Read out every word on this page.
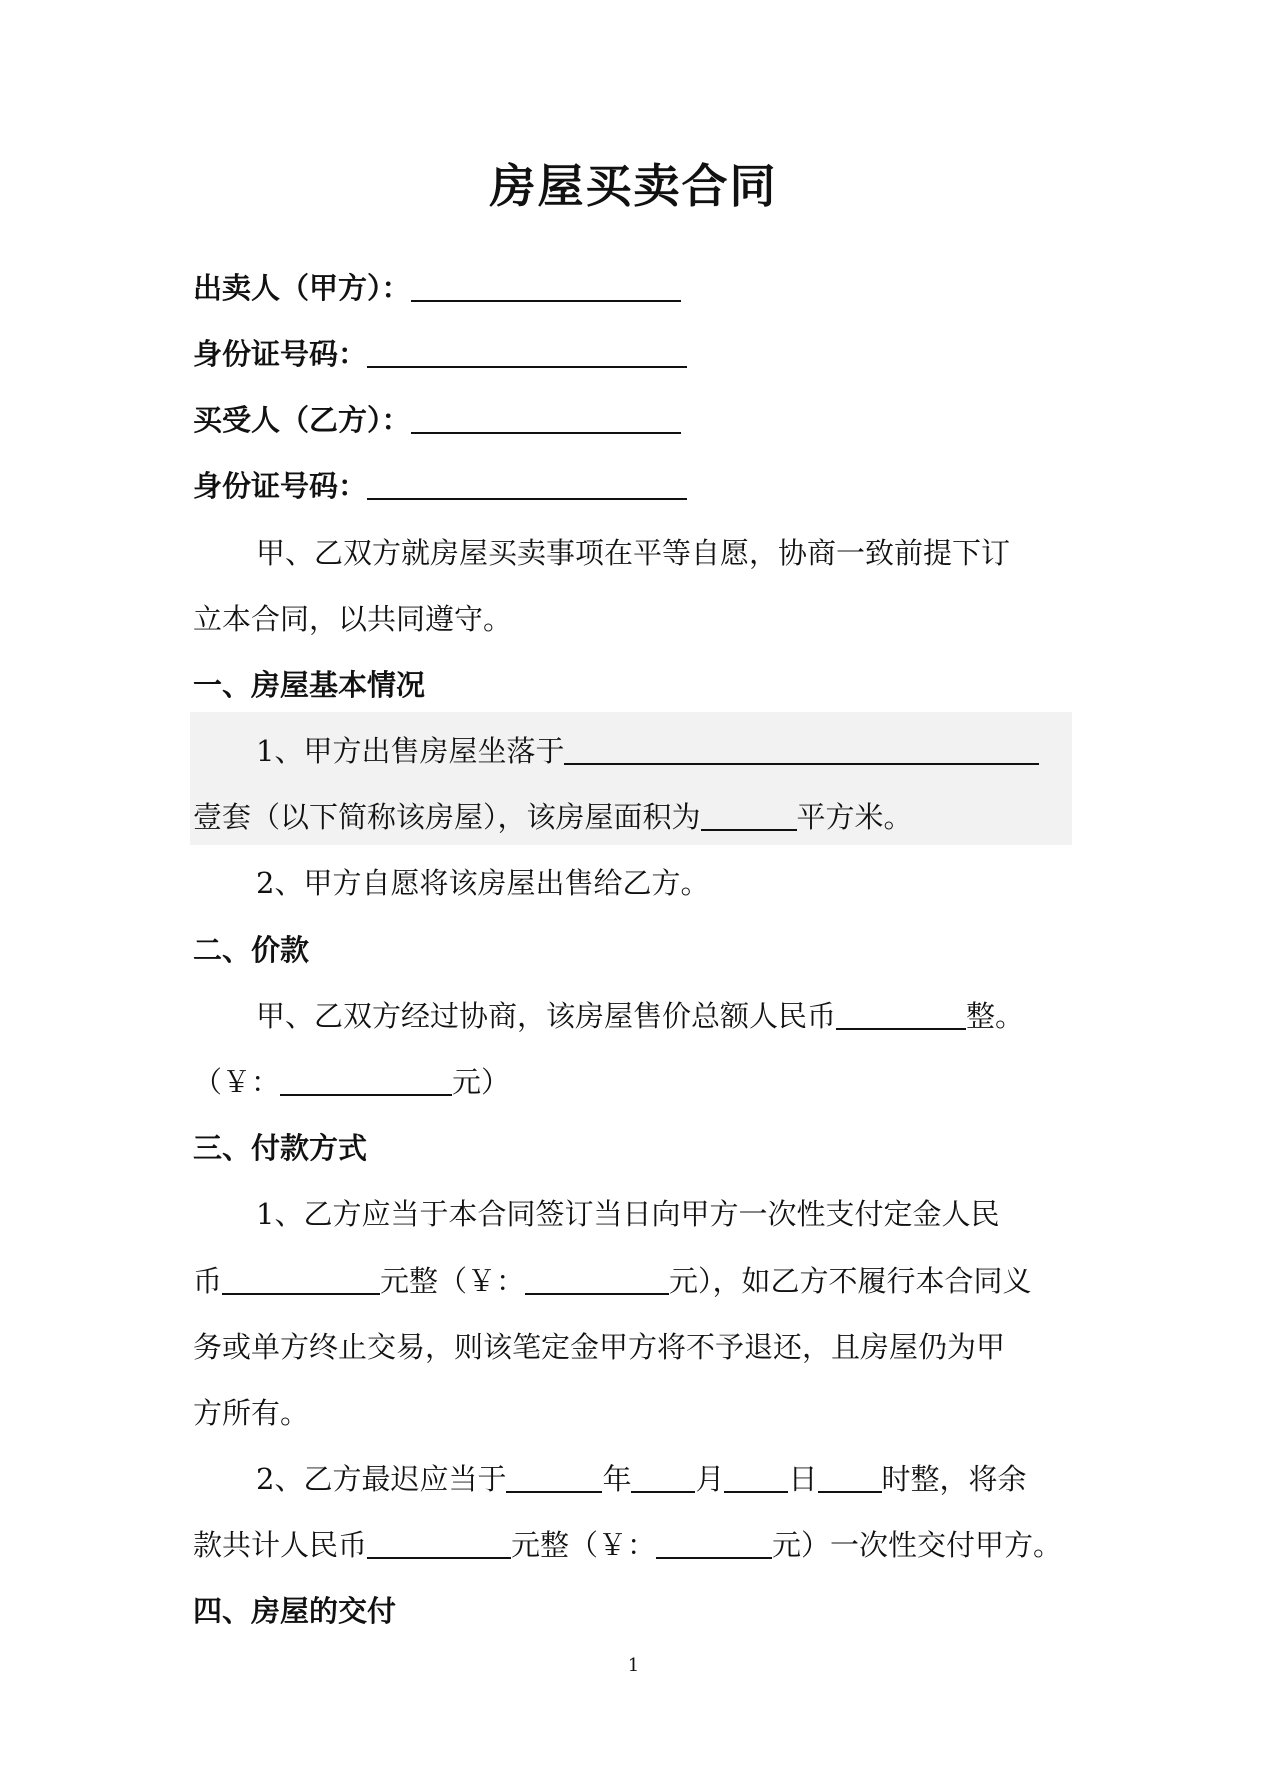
房屋买卖合同
出卖人（甲方）：
身份证号码：
买受人（乙方）：
身份证号码：
甲、乙双方就房屋买卖事项在平等自愿，协商一致前提下订
立本合同，以共同遵守。
一、房屋基本情况
1、甲方出售房屋坐落于
壹套（以下简称该房屋），该房屋面积为	平方米。
2、甲方自愿将该房屋出售给乙方。
二、价款
甲、乙双方经过协商，该房屋售价总额人民币	整。
（￥：	元）
三、付款方式
1、乙方应当于本合同签订当日向甲方一次性支付定金人民
币	元整（￥：	元），如乙方不履行本合同义
务或单方终止交易，则该笔定金甲方将不予退还，且房屋仍为甲
方所有。
2、乙方最迟应当于	年 月 日 时整，将余
款共计人民币	元整（￥：	元）一次性交付甲方。
四、房屋的交付
1
